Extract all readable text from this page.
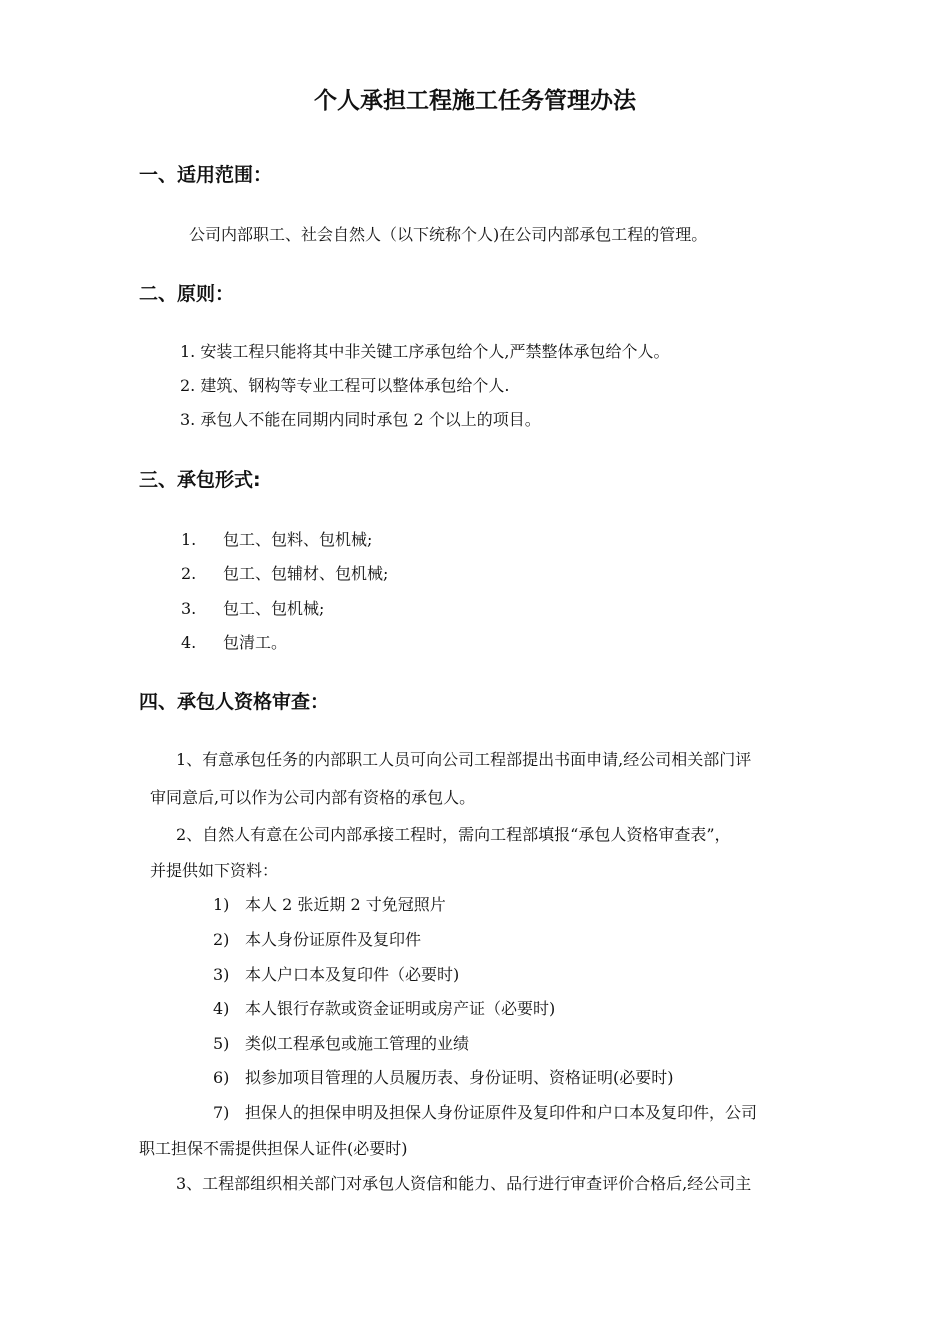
个人承担工程施工任务管理办法
一、适用范围：
公司内部职工、社会自然人（以下统称个人)在公司内部承包工程的管理。
二、原则：
1. 安装工程只能将其中非关键工序承包给个人,严禁整体承包给个人。
2. 建筑、钢构等专业工程可以整体承包给个人.
3. 承包人不能在同期内同时承包 2 个以上的项目。
三、承包形式:
1. 包工、包料、包机械;
2. 包工、包辅材、包机械;
3. 包工、包机械;
4. 包清工。
四、承包人资格审查：
1、有意承包任务的内部职工人员可向公司工程部提出书面申请,经公司相关部门评
审同意后,可以作为公司内部有资格的承包人。
2、自然人有意在公司内部承接工程时，需向工程部填报“承包人资格审查表”，
并提供如下资料：
1) 本人 2 张近期 2 寸免冠照片
2) 本人身份证原件及复印件
3) 本人户口本及复印件（必要时)
4) 本人银行存款或资金证明或房产证（必要时)
5) 类似工程承包或施工管理的业绩
6) 拟参加项目管理的人员履历表、身份证明、资格证明(必要时)
7) 担保人的担保申明及担保人身份证原件及复印件和户口本及复印件，公司
职工担保不需提供担保人证件(必要时)
3、工程部组织相关部门对承包人资信和能力、品行进行审查评价合格后,经公司主
